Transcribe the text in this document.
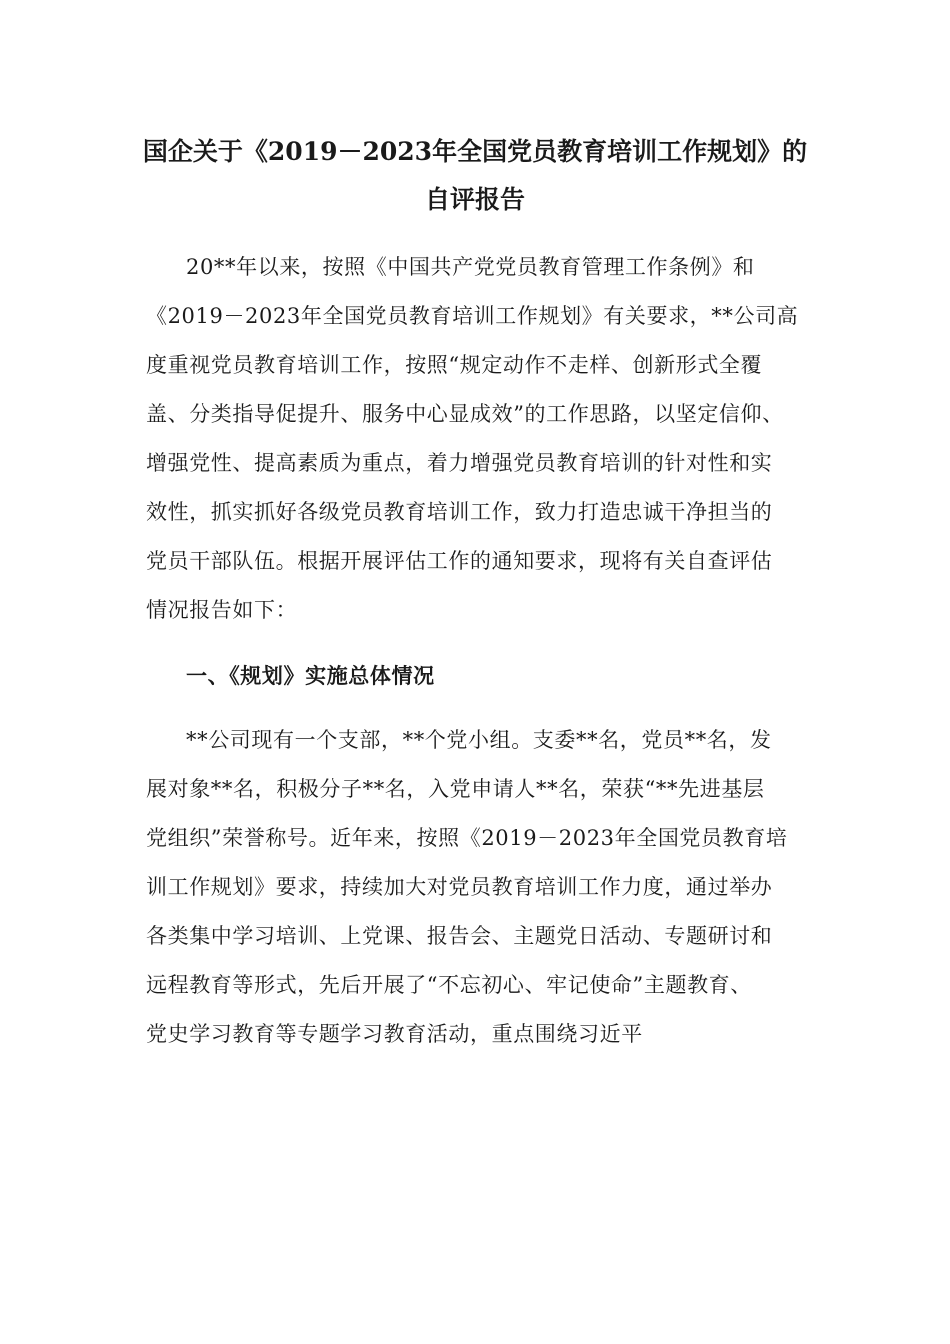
国企关于《2019－2023年全国党员教育培训工作规划》的
自评报告
20**年以来，按照《中国共产党党员教育管理工作条例》和
《2019－2023年全国党员教育培训工作规划》有关要求，**公司高
度重视党员教育培训工作，按照“规定动作不走样、创新形式全覆
盖、分类指导促提升、服务中心显成效”的工作思路，以坚定信仰、
增强党性、提高素质为重点，着力增强党员教育培训的针对性和实
效性，抓实抓好各级党员教育培训工作，致力打造忠诚干净担当的
党员干部队伍。根据开展评估工作的通知要求，现将有关自查评估
情况报告如下：
一、《规划》实施总体情况
**公司现有一个支部，**个党小组。支委**名，党员**名，发
展对象**名，积极分子**名，入党申请人**名，荣获“**先进基层
党组织”荣誉称号。近年来，按照《2019－2023年全国党员教育培
训工作规划》要求，持续加大对党员教育培训工作力度，通过举办
各类集中学习培训、上党课、报告会、主题党日活动、专题研讨和
远程教育等形式，先后开展了“不忘初心、牢记使命”主题教育、
党史学习教育等专题学习教育活动，重点围绕习近平
